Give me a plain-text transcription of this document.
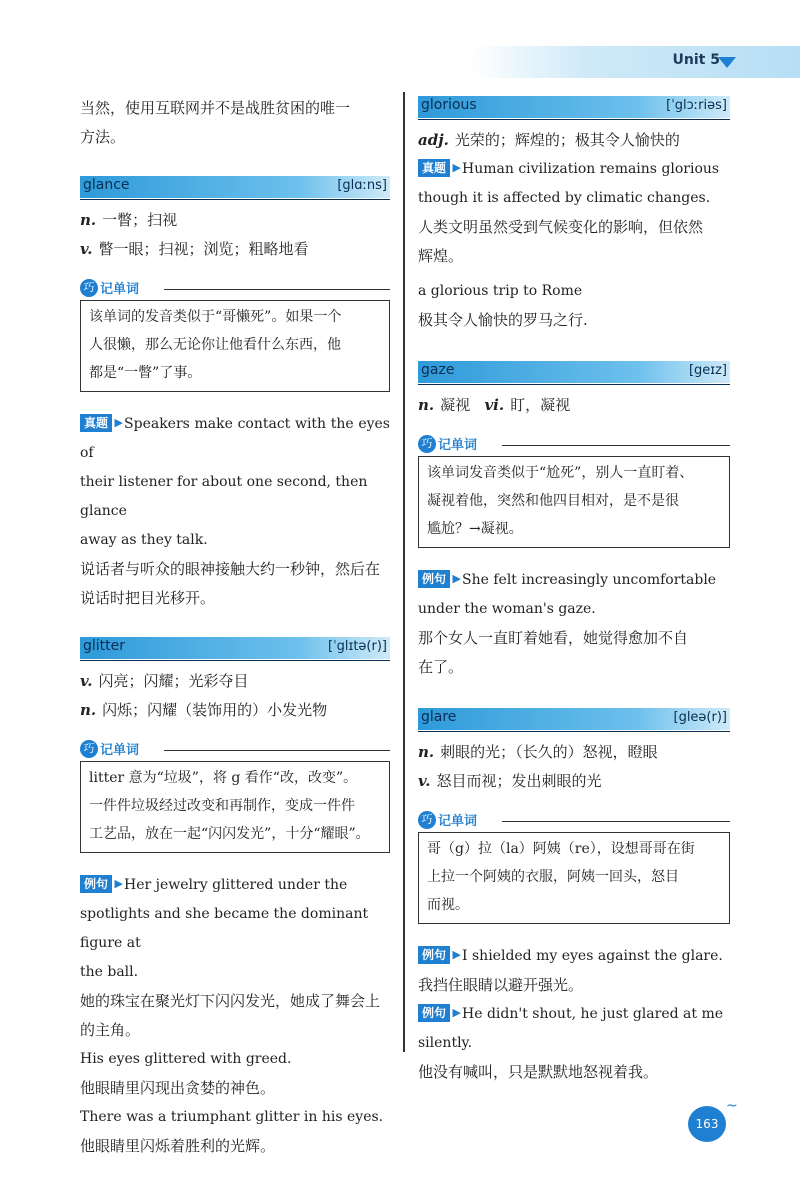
Unit 5

当然，使用互联网并不是战胜贫困的唯一

方法。

glance	[glɑːns]

n. 一瞥；扫视

v. 瞥一眼；扫视；浏览；粗略地看

巧 记单词

该单词的发音类似于“哥懒死”。如果一个

人很懒，那么无论你让他看什么东西，他

都是“一瞥”了事。

真题 ▶ Speakers make contact with the eyes of

their listener for about one second, then glance

away as they talk.

说话者与听众的眼神接触大约一秒钟，然后在

说话时把目光移开。

glitter	[ˈglɪtə(r)]

v. 闪亮；闪耀；光彩夺目

n. 闪烁；闪耀（装饰用的）小发光物

巧 记单词

litter 意为“垃圾”，将 g 看作“改，改变”。

一件件垃圾经过改变和再制作，变成一件件

工艺品，放在一起“闪闪发光”，十分“耀眼”。

例句 ▶ Her jewelry glittered under the

spotlights and she became the dominant figure at

the ball.

她的珠宝在聚光灯下闪闪发光，她成了舞会上

的主角。

His eyes glittered with greed.

他眼睛里闪现出贪婪的神色。

There was a triumphant glitter in his eyes.

他眼睛里闪烁着胜利的光辉。

glorious	[ˈglɔːriəs]

adj. 光荣的；辉煌的；极其令人愉快的

真题 ▶ Human civilization remains glorious

though it is affected by climatic changes.

人类文明虽然受到气候变化的影响，但依然

辉煌。

a glorious trip to Rome

极其令人愉快的罗马之行.

gaze	[geɪz]

n. 凝视 vi. 盯，凝视

巧 记单词

该单词发音类似于“尬死”，别人一直盯着、

凝视着他，突然和他四目相对，是不是很

尴尬？→凝视。

例句 ▶ She felt increasingly uncomfortable

under the woman's gaze.

那个女人一直盯着她看，她觉得愈加不自

在了。

glare	[gleə(r)]

n. 刺眼的光；（长久的）怒视，瞪眼

v. 怒目而视；发出刺眼的光

巧 记单词

哥（g）拉（la）阿姨（re），设想哥哥在街

上拉一个阿姨的衣服，阿姨一回头，怒目

而视。

例句 ▶ I shielded my eyes against the glare.

我挡住眼睛以避开强光。

例句 ▶ He didn't shout, he just glared at me

silently.

他没有喊叫，只是默默地怒视着我。

163
~
